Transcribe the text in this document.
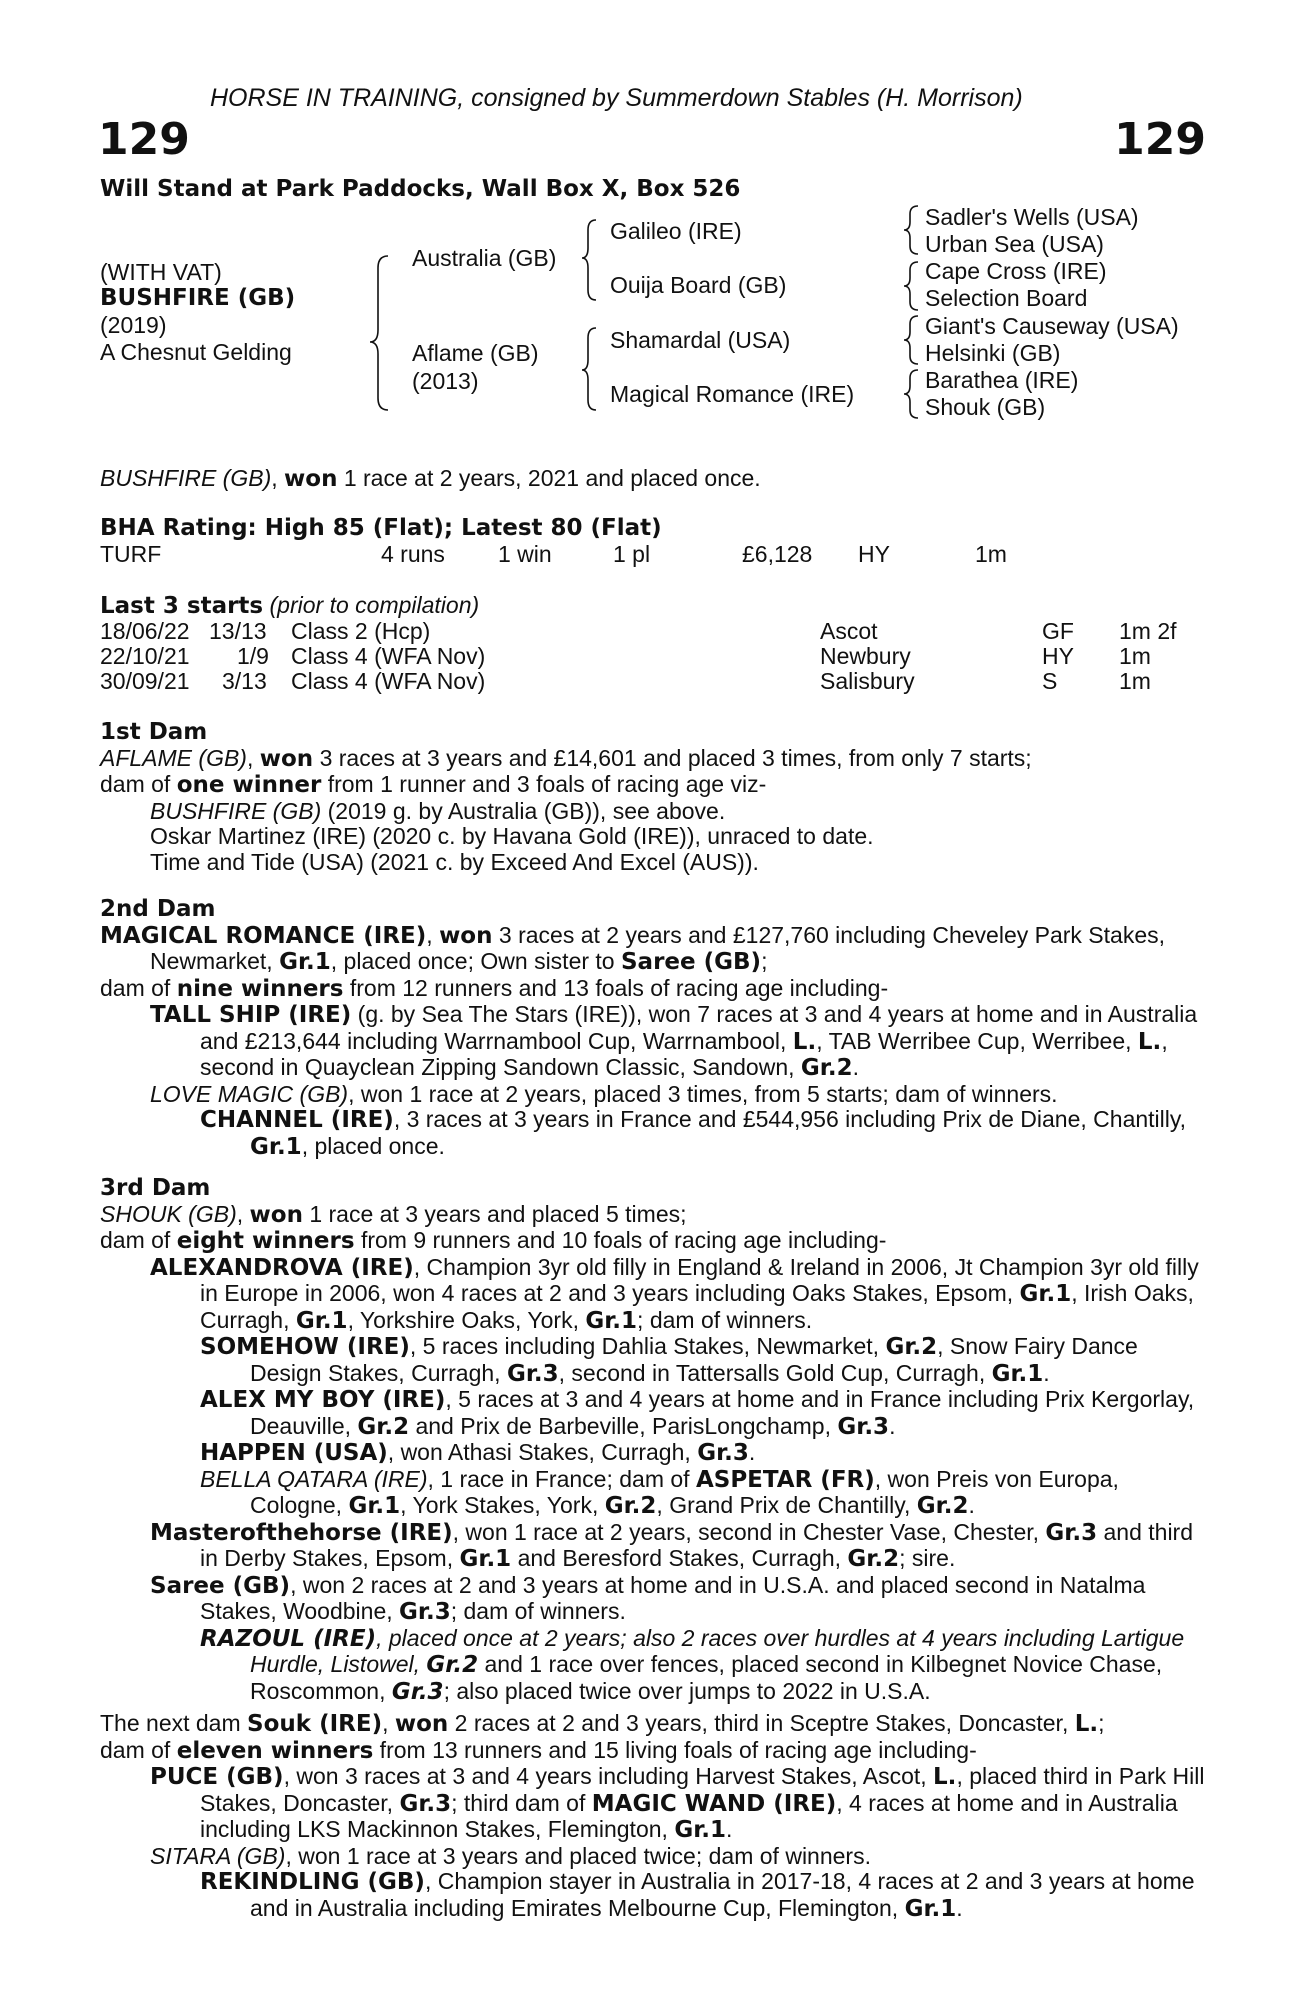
HORSE IN TRAINING, consigned by Summerdown Stables (H. Morrison)
129	129
Will Stand at Park Paddocks, Wall Box X, Box 526
(WITH VAT)
BUSHFIRE (GB)
(2019)
A Chesnut Gelding
Australia (GB)
Aflame (GB)
(2013)
Galileo (IRE)
Ouija Board (GB)
Shamardal (USA)
Magical Romance (IRE)
Sadler's Wells (USA)
Urban Sea (USA)
Cape Cross (IRE)
Selection Board
Giant's Causeway (USA)
Helsinki (GB)
Barathea (IRE)
Shouk (GB)
BUSHFIRE (GB), won 1 race at 2 years, 2021 and placed once.
BHA Rating: High 85 (Flat); Latest 80 (Flat)
TURF	4 runs 1 win	1 pl	£6,128 HY	1m
Last 3 starts (prior to compilation)
18/06/22 13/13 Class 2 (Hcp)	Ascot	GF 1m 2f
22/10/21 1/9 Class 4 (WFA Nov)	Newbury	HY 1m
30/09/21 3/13 Class 4 (WFA Nov)	Salisbury	S	1m
1st Dam
AFLAME (GB), won 3 races at 3 years and £14,601 and placed 3 times, from only 7 starts;
dam of one winner from 1 runner and 3 foals of racing age viz-
BUSHFIRE (GB) (2019 g. by Australia (GB)), see above.
Oskar Martinez (IRE) (2020 c. by Havana Gold (IRE)), unraced to date.
Time and Tide (USA) (2021 c. by Exceed And Excel (AUS)).
2nd Dam
MAGICAL ROMANCE (IRE), won 3 races at 2 years and £127,760 including Cheveley Park Stakes, Newmarket, Gr.1, placed once; Own sister to Saree (GB);
dam of nine winners from 12 runners and 13 foals of racing age including-
TALL SHIP (IRE) (g. by Sea The Stars (IRE)), won 7 races at 3 and 4 years at home and in Australia and £213,644 including Warrnambool Cup, Warrnambool, L., TAB Werribee Cup, Werribee, L., second in Quayclean Zipping Sandown Classic, Sandown, Gr.2.
LOVE MAGIC (GB), won 1 race at 2 years, placed 3 times, from 5 starts; dam of winners.
CHANNEL (IRE), 3 races at 3 years in France and £544,956 including Prix de Diane, Chantilly, Gr.1, placed once.
3rd Dam
SHOUK (GB), won 1 race at 3 years and placed 5 times;
dam of eight winners from 9 runners and 10 foals of racing age including-
ALEXANDROVA (IRE), Champion 3yr old filly in England & Ireland in 2006, Jt Champion 3yr old filly in Europe in 2006, won 4 races at 2 and 3 years including Oaks Stakes, Epsom, Gr.1, Irish Oaks, Curragh, Gr.1, Yorkshire Oaks, York, Gr.1; dam of winners.
SOMEHOW (IRE), 5 races including Dahlia Stakes, Newmarket, Gr.2, Snow Fairy Dance Design Stakes, Curragh, Gr.3, second in Tattersalls Gold Cup, Curragh, Gr.1.
ALEX MY BOY (IRE), 5 races at 3 and 4 years at home and in France including Prix Kergorlay, Deauville, Gr.2 and Prix de Barbeville, ParisLongchamp, Gr.3.
HAPPEN (USA), won Athasi Stakes, Curragh, Gr.3.
BELLA QATARA (IRE), 1 race in France; dam of ASPETAR (FR), won Preis von Europa, Cologne, Gr.1, York Stakes, York, Gr.2, Grand Prix de Chantilly, Gr.2.
Masterofthehorse (IRE), won 1 race at 2 years, second in Chester Vase, Chester, Gr.3 and third in Derby Stakes, Epsom, Gr.1 and Beresford Stakes, Curragh, Gr.2; sire.
Saree (GB), won 2 races at 2 and 3 years at home and in U.S.A. and placed second in Natalma Stakes, Woodbine, Gr.3; dam of winners.
RAZOUL (IRE), placed once at 2 years; also 2 races over hurdles at 4 years including Lartigue Hurdle, Listowel, Gr.2 and 1 race over fences, placed second in Kilbegnet Novice Chase, Roscommon, Gr.3; also placed twice over jumps to 2022 in U.S.A.
The next dam Souk (IRE), won 2 races at 2 and 3 years, third in Sceptre Stakes, Doncaster, L.;
dam of eleven winners from 13 runners and 15 living foals of racing age including-
PUCE (GB), won 3 races at 3 and 4 years including Harvest Stakes, Ascot, L., placed third in Park Hill Stakes, Doncaster, Gr.3; third dam of MAGIC WAND (IRE), 4 races at home and in Australia including LKS Mackinnon Stakes, Flemington, Gr.1.
SITARA (GB), won 1 race at 3 years and placed twice; dam of winners.
REKINDLING (GB), Champion stayer in Australia in 2017-18, 4 races at 2 and 3 years at home and in Australia including Emirates Melbourne Cup, Flemington, Gr.1.
